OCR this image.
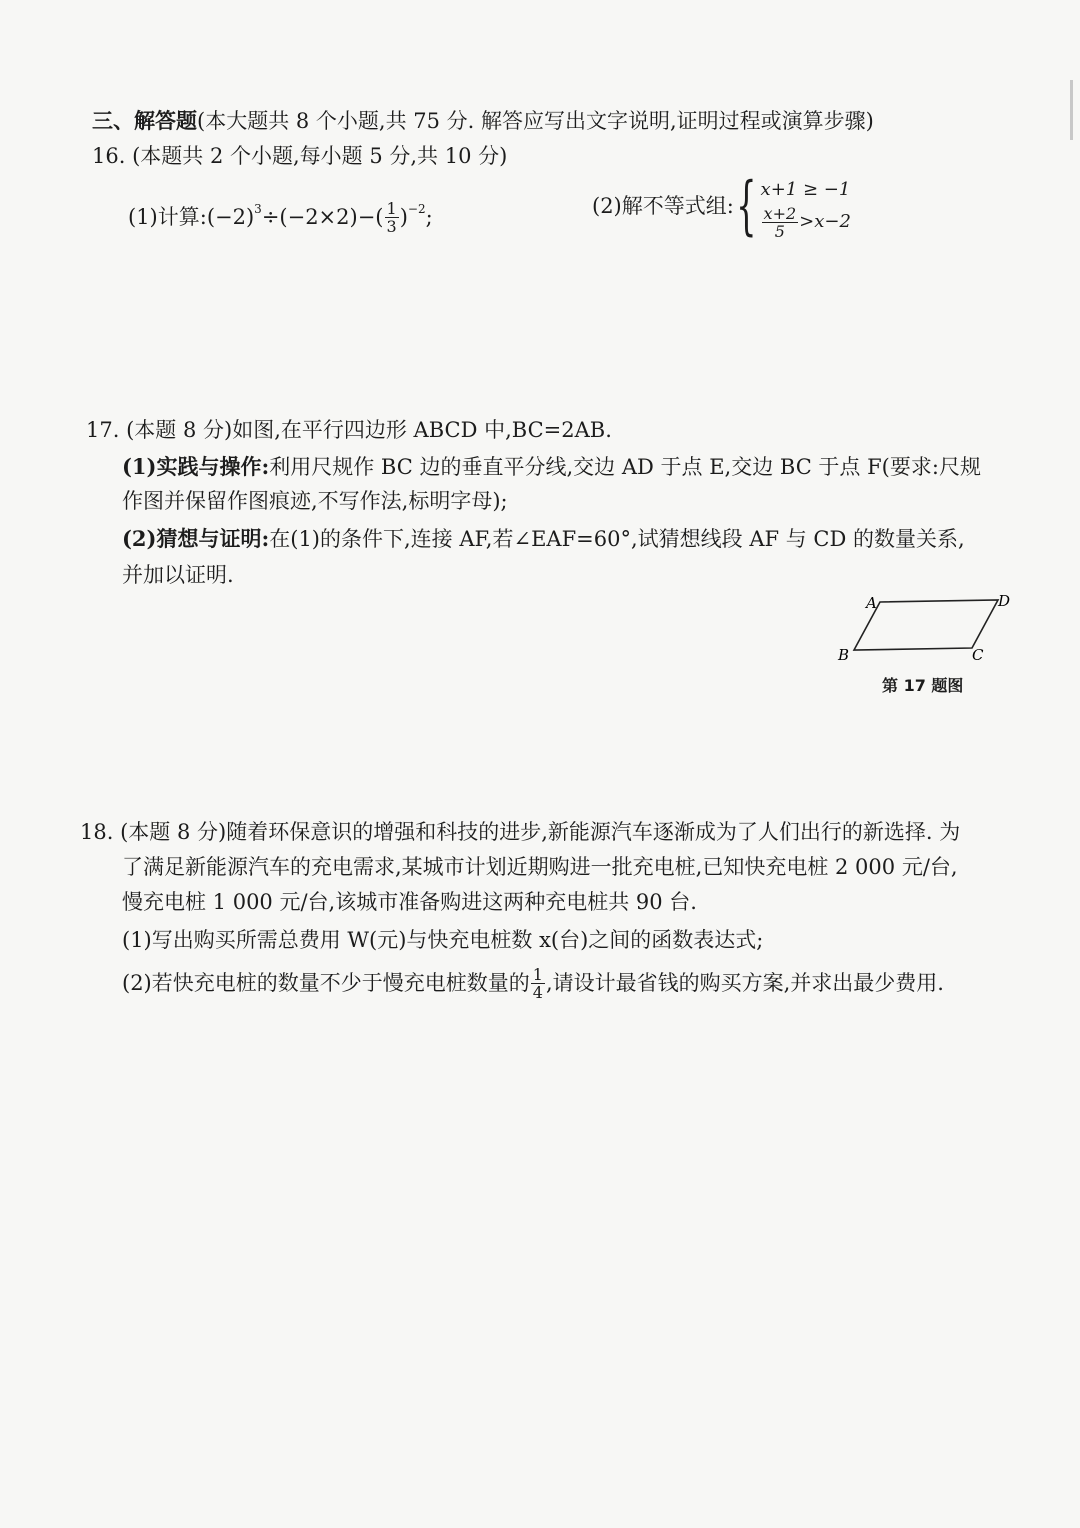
三、解答题(本大题共 8 个小题,共 75 分. 解答应写出文字说明,证明过程或演算步骤)
16. (本题共 2 个小题,每小题 5 分,共 10 分)
(1)计算: (−2) $3 \div(-2\times 2)-( \frac{1}{3}$ ) −2 ;	(2)解不等式组: { x+1 ≥ −1
$\frac{x+2}{5} >x-2$
17. (本题 8 分)如图,在平行四边形 ABCD 中,BC=2AB.
(1)实践与操作:利用尺规作 BC 边的垂直平分线,交边 AD 于点 E,交边 BC 于点 F(要求:尺规
作图并保留作图痕迹,不写作法,标明字母);
(2)猜想与证明:在(1)的条件下,连接 AF,若∠EAF=60°,试猜想线段 AF 与 CD 的数量关系,
并加以证明.
A	D
B	C
第 17 题图
18. (本题 8 分)随着环保意识的增强和科技的进步,新能源汽车逐渐成为了人们出行的新选择. 为
了满足新能源汽车的充电需求,某城市计划近期购进一批充电桩,已知快充电桩 2 000 元/台,
慢充电桩 1 000 元/台,该城市准备购进这两种充电桩共 90 台.
(1)写出购买所需总费用 W(元)与快充电桩数 x(台)之间的函数表达式;
(2)若快充电桩的数量不少于慢充电桩数量的 $\frac{1}{4}$ ,请设计最省钱的购买方案,并求出最少费用.
